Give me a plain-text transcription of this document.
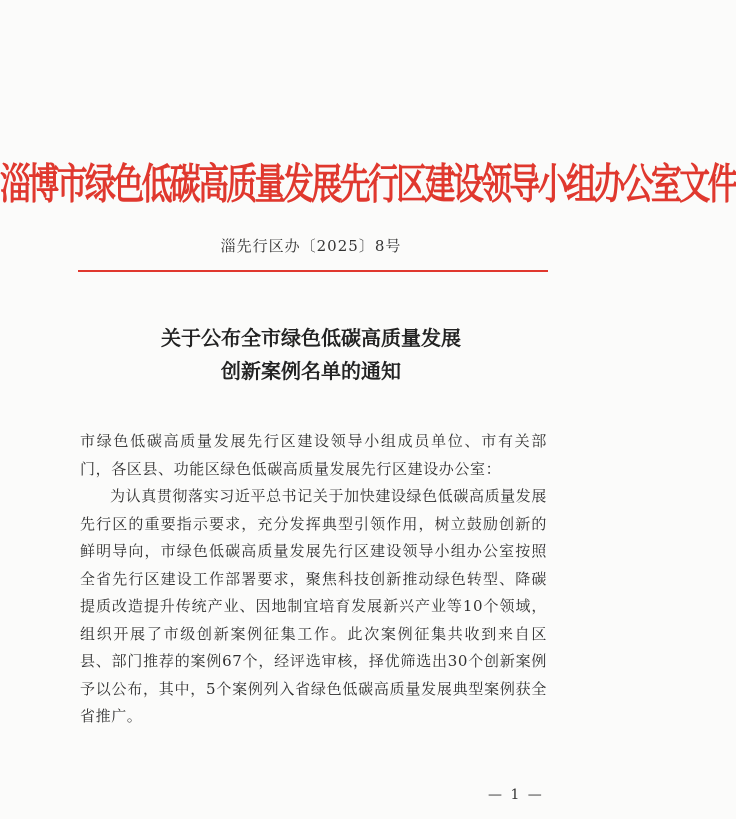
淄博市绿色低碳高质量发展先行区建设领导小组办公室文件
淄先行区办〔2025〕8号
关于公布全市绿色低碳高质量发展
创新案例名单的通知

市绿色低碳高质量发展先行区建设领导小组成员单位、市有关部门，各区县、功能区绿色低碳高质量发展先行区建设办公室：

为认真贯彻落实习近平总书记关于加快建设绿色低碳高质量发展先行区的重要指示要求，充分发挥典型引领作用，树立鼓励创新的鲜明导向，市绿色低碳高质量发展先行区建设领导小组办公室按照全省先行区建设工作部署要求，聚焦科技创新推动绿色转型、降碳提质改造提升传统产业、因地制宜培育发展新兴产业等10个领域，组织开展了市级创新案例征集工作。此次案例征集共收到来自区县、部门推荐的案例67个，经评选审核，择优筛选出30个创新案例予以公布，其中，5个案例列入省绿色低碳高质量发展典型案例获全省推广。

— 1 —
